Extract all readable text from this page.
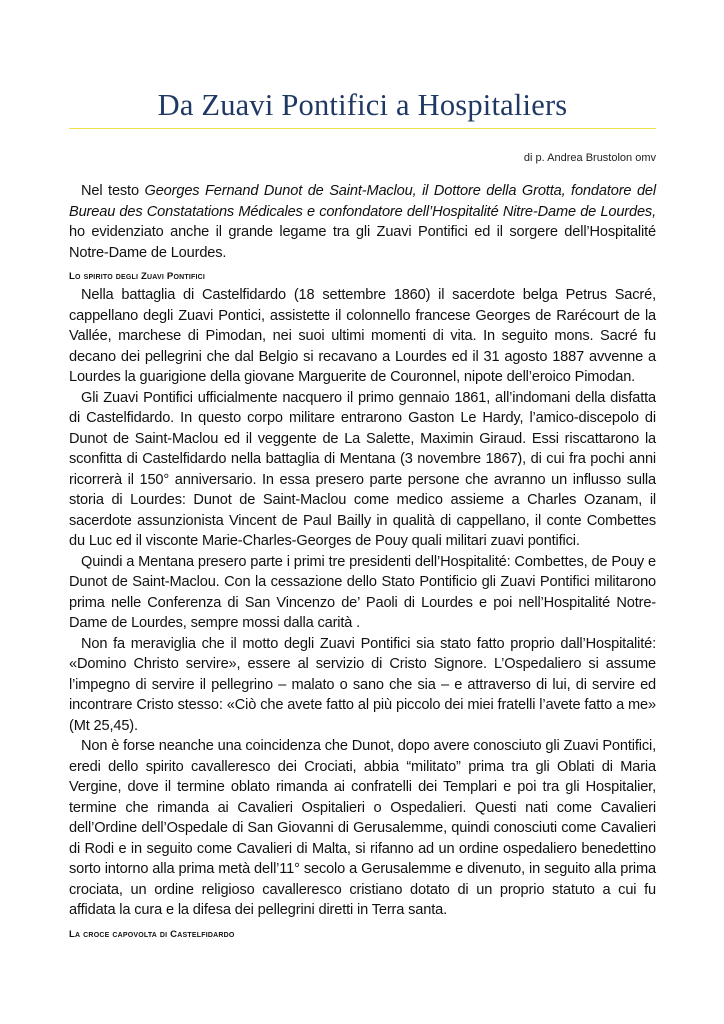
Da Zuavi Pontifici a Hospitaliers

di p. Andrea Brustolon omv

Nel testo Georges Fernand Dunot de Saint-Maclou, il Dottore della Grotta, fondatore del Bureau des Constatations Médicales e confondatore dell’Hospitalité Nitre-Dame de Lourdes, ho evidenziato anche il grande legame tra gli Zuavi Pontifici ed il sorgere dell’Hospitalité Notre-Dame de Lourdes.

Lo spirito degli Zuavi Pontifici

Nella battaglia di Castelfidardo (18 settembre 1860) il sacerdote belga Petrus Sacré, cappellano degli Zuavi Pontici, assistette il colonnello francese Georges de Rarécourt de la Vallée, marchese di Pimodan, nei suoi ultimi momenti di vita. In seguito mons. Sacré fu decano dei pellegrini che dal Belgio si recavano a Lourdes ed il 31 agosto 1887 avvenne a Lourdes la guarigione della giovane Marguerite de Couronnel, nipote dell’eroico Pimodan.

Gli Zuavi Pontifici ufficialmente nacquero il primo gennaio 1861, all’indomani della disfatta di Castelfidardo. In questo corpo militare entrarono Gaston Le Hardy, l’amico-discepolo di Dunot de Saint-Maclou ed il veggente de La Salette, Maximin Giraud. Essi riscattarono la sconfitta di Castelfidardo nella battaglia di Mentana (3 novembre 1867), di cui fra pochi anni ricorrerà il 150° anniversario. In essa presero parte persone che avranno un influsso sulla storia di Lourdes: Dunot de Saint-Maclou come medico assieme a Charles Ozanam, il sacerdote assunzionista Vincent de Paul Bailly in qualità di cappellano, il conte Combettes du Luc ed il visconte Marie-Charles-Georges de Pouy quali militari zuavi pontifici.

Quindi a Mentana presero parte i primi tre presidenti dell’Hospitalité: Combettes, de Pouy e Dunot de Saint-Maclou. Con la cessazione dello Stato Pontificio gli Zuavi Pontifici militarono prima nelle Conferenza di San Vincenzo de’ Paoli di Lourdes e poi nell’Hospitalité Notre-Dame de Lourdes, sempre mossi dalla carità .

Non fa meraviglia che il motto degli Zuavi Pontifici sia stato fatto proprio dall’Hospitalité: «Domino Christo servire», essere al servizio di Cristo Signore. L’Ospedaliero si assume l’impegno di servire il pellegrino – malato o sano che sia – e attraverso di lui, di servire ed incontrare Cristo stesso: «Ciò che avete fatto al più piccolo dei miei fratelli l’avete fatto a me» (Mt 25,45).

Non è forse neanche una coincidenza che Dunot, dopo avere conosciuto gli Zuavi Pontifici, eredi dello spirito cavalleresco dei Crociati, abbia “militato” prima tra gli Oblati di Maria Vergine, dove il termine oblato rimanda ai confratelli dei Templari e poi tra gli Hospitalier, termine che rimanda ai Cavalieri Ospitalieri o Ospedalieri. Questi nati come Cavalieri dell’Ordine dell’Ospedale di San Giovanni di Gerusalemme, quindi conosciuti come Cavalieri di Rodi e in seguito come Cavalieri di Malta, si rifanno ad un ordine ospedaliero benedettino sorto intorno alla prima metà dell’11° secolo a Gerusalemme e divenuto, in seguito alla prima crociata, un ordine religioso cavalleresco cristiano dotato di un proprio statuto a cui fu affidata la cura e la difesa dei pellegrini diretti in Terra santa.

La croce capovolta di Castelfidardo
